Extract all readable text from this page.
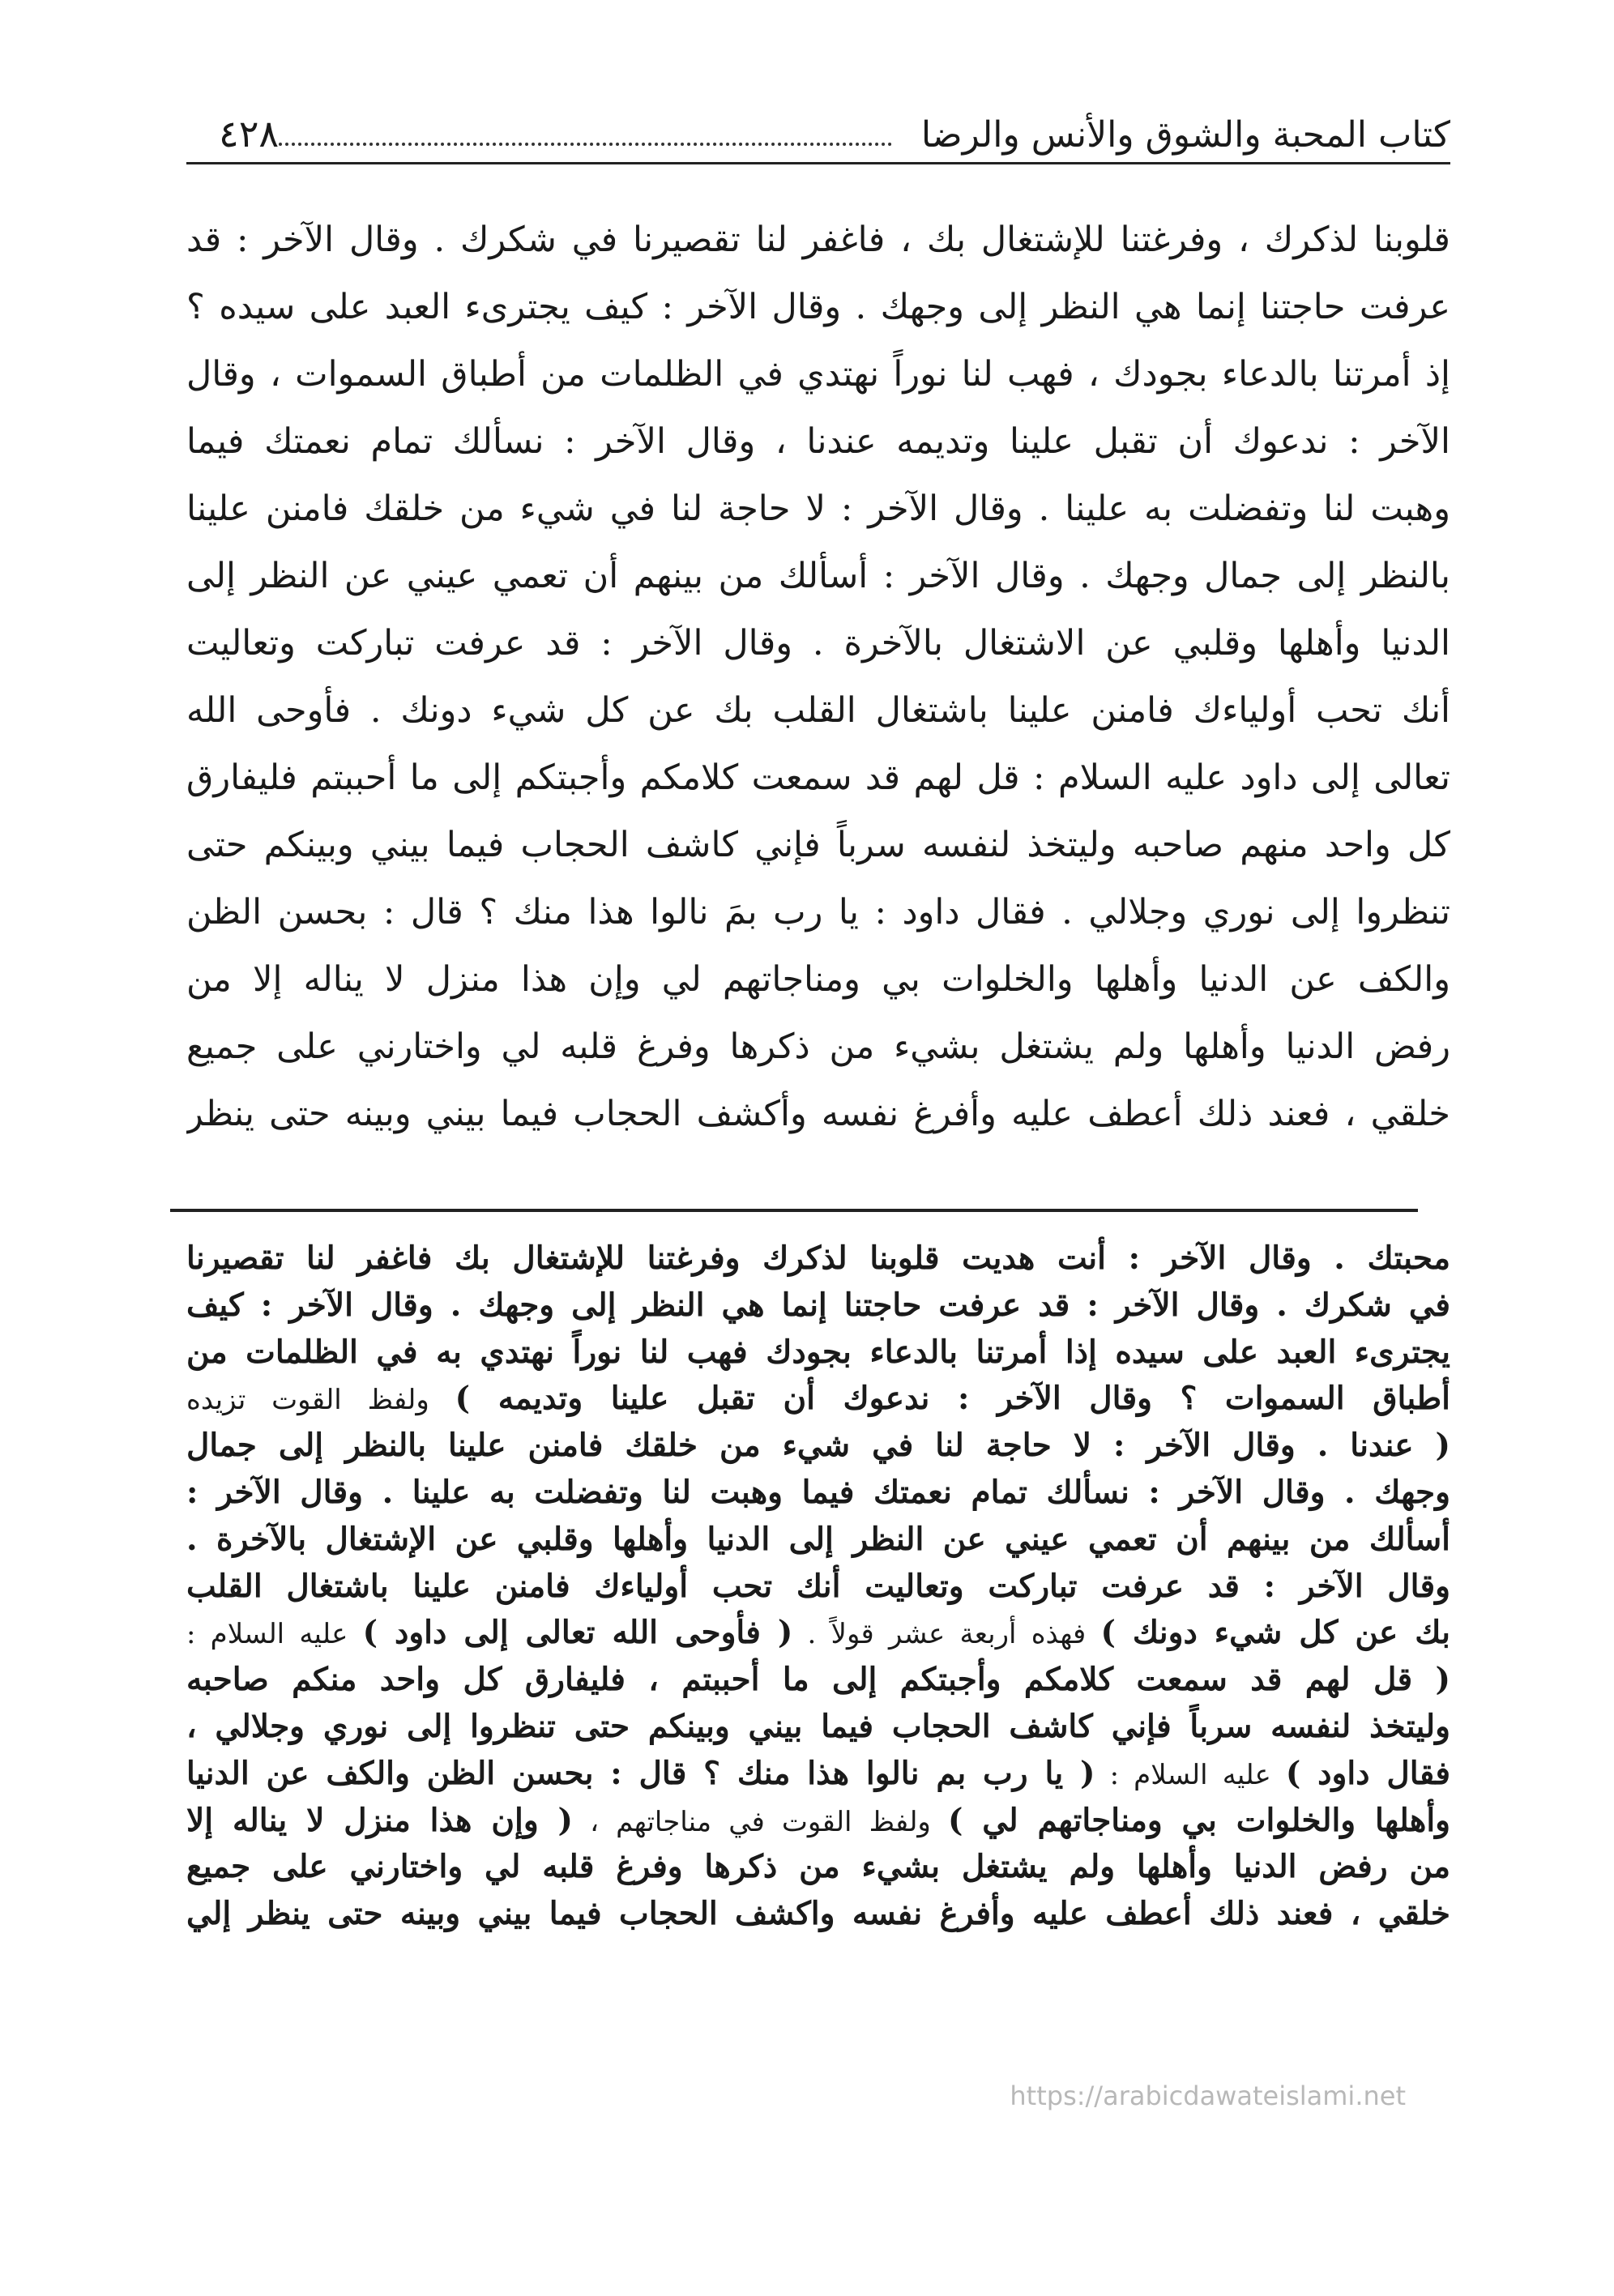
كتاب المحبة والشوق والأنس والرضا
٤٢٨
قلوبنا لذكرك ، وفرغتنا للإشتغال بك ، فاغفر لنا تقصيرنا في شكرك . وقال الآخر : قد
عرفت حاجتنا إنما هي النظر إلى وجهك . وقال الآخر : كيف يجترىء العبد على سيده ؟
إذ أمرتنا بالدعاء بجودك ، فهب لنا نوراً نهتدي في الظلمات من أطباق السموات ، وقال
الآخر : ندعوك أن تقبل علينا وتديمه عندنا ، وقال الآخر : نسألك تمام نعمتك فيما
وهبت لنا وتفضلت به علينا . وقال الآخر : لا حاجة لنا في شيء من خلقك فامنن علينا
بالنظر إلى جمال وجهك . وقال الآخر : أسألك من بينهم أن تعمي عيني عن النظر إلى
الدنيا وأهلها وقلبي عن الاشتغال بالآخرة . وقال الآخر : قد عرفت تباركت وتعاليت
أنك تحب أولياءك فامنن علينا باشتغال القلب بك عن كل شيء دونك . فأوحى الله
تعالى إلى داود عليه السلام : قل لهم قد سمعت كلامكم وأجبتكم إلى ما أحببتم فليفارق
كل واحد منهم صاحبه وليتخذ لنفسه سرباً فإني كاشف الحجاب فيما بيني وبينكم حتى
تنظروا إلى نوري وجلالي . فقال داود : يا رب بمَ نالوا هذا منك ؟ قال : بحسن الظن
والكف عن الدنيا وأهلها والخلوات بي ومناجاتهم لي وإن هذا منزل لا يناله إلا من
رفض الدنيا وأهلها ولم يشتغل بشيء من ذكرها وفرغ قلبه لي واختارني على جميع
خلقي ، فعند ذلك أعطف عليه وأفرغ نفسه وأكشف الحجاب فيما بيني وبينه حتى ينظر
محبتك . وقال الآخر : أنت هديت قلوبنا لذكرك وفرغتنا للإشتغال بك فاغفر لنا تقصيرنا
في شكرك . وقال الآخر : قد عرفت حاجتنا إنما هي النظر إلى وجهك . وقال الآخر : كيف
يجترىء العبد على سيده إذا أمرتنا بالدعاء بجودك فهب لنا نوراً نهتدي به في الظلمات من
أطباق السموات ؟ وقال الآخر : ندعوك أن تقبل علينا وتديمه ) ولفظ القوت تزيده
( عندنا . وقال الآخر : لا حاجة لنا في شيء من خلقك فامنن علينا بالنظر إلى جمال
وجهك . وقال الآخر : نسألك تمام نعمتك فيما وهبت لنا وتفضلت به علينا . وقال الآخر :
أسألك من بينهم أن تعمي عيني عن النظر إلى الدنيا وأهلها وقلبي عن الإشتغال بالآخرة .
وقال الآخر : قد عرفت تباركت وتعاليت أنك تحب أولياءك فامنن علينا باشتغال القلب
بك عن كل شيء دونك ) فهذه أربعة عشر قولاً . ( فأوحى الله تعالى إلى داود ) عليه السلام :
( قل لهم قد سمعت كلامكم وأجبتكم إلى ما أحببتم ، فليفارق كل واحد منكم صاحبه
وليتخذ لنفسه سرباً فإني كاشف الحجاب فيما بيني وبينكم حتى تنظروا إلى نوري وجلالي ،
فقال داود ) عليه السلام : ( يا رب بم نالوا هذا منك ؟ قال : بحسن الظن والكف عن الدنيا
وأهلها والخلوات بي ومناجاتهم لي ) ولفظ القوت في مناجاتهم ، ( وإن هذا منزل لا يناله إلا
من رفض الدنيا وأهلها ولم يشتغل بشيء من ذكرها وفرغ قلبه لي واختارني على جميع
خلقي ، فعند ذلك أعطف عليه وأفرغ نفسه واكشف الحجاب فيما بيني وبينه حتى ينظر إلي
https://arabicdawateislami.net
